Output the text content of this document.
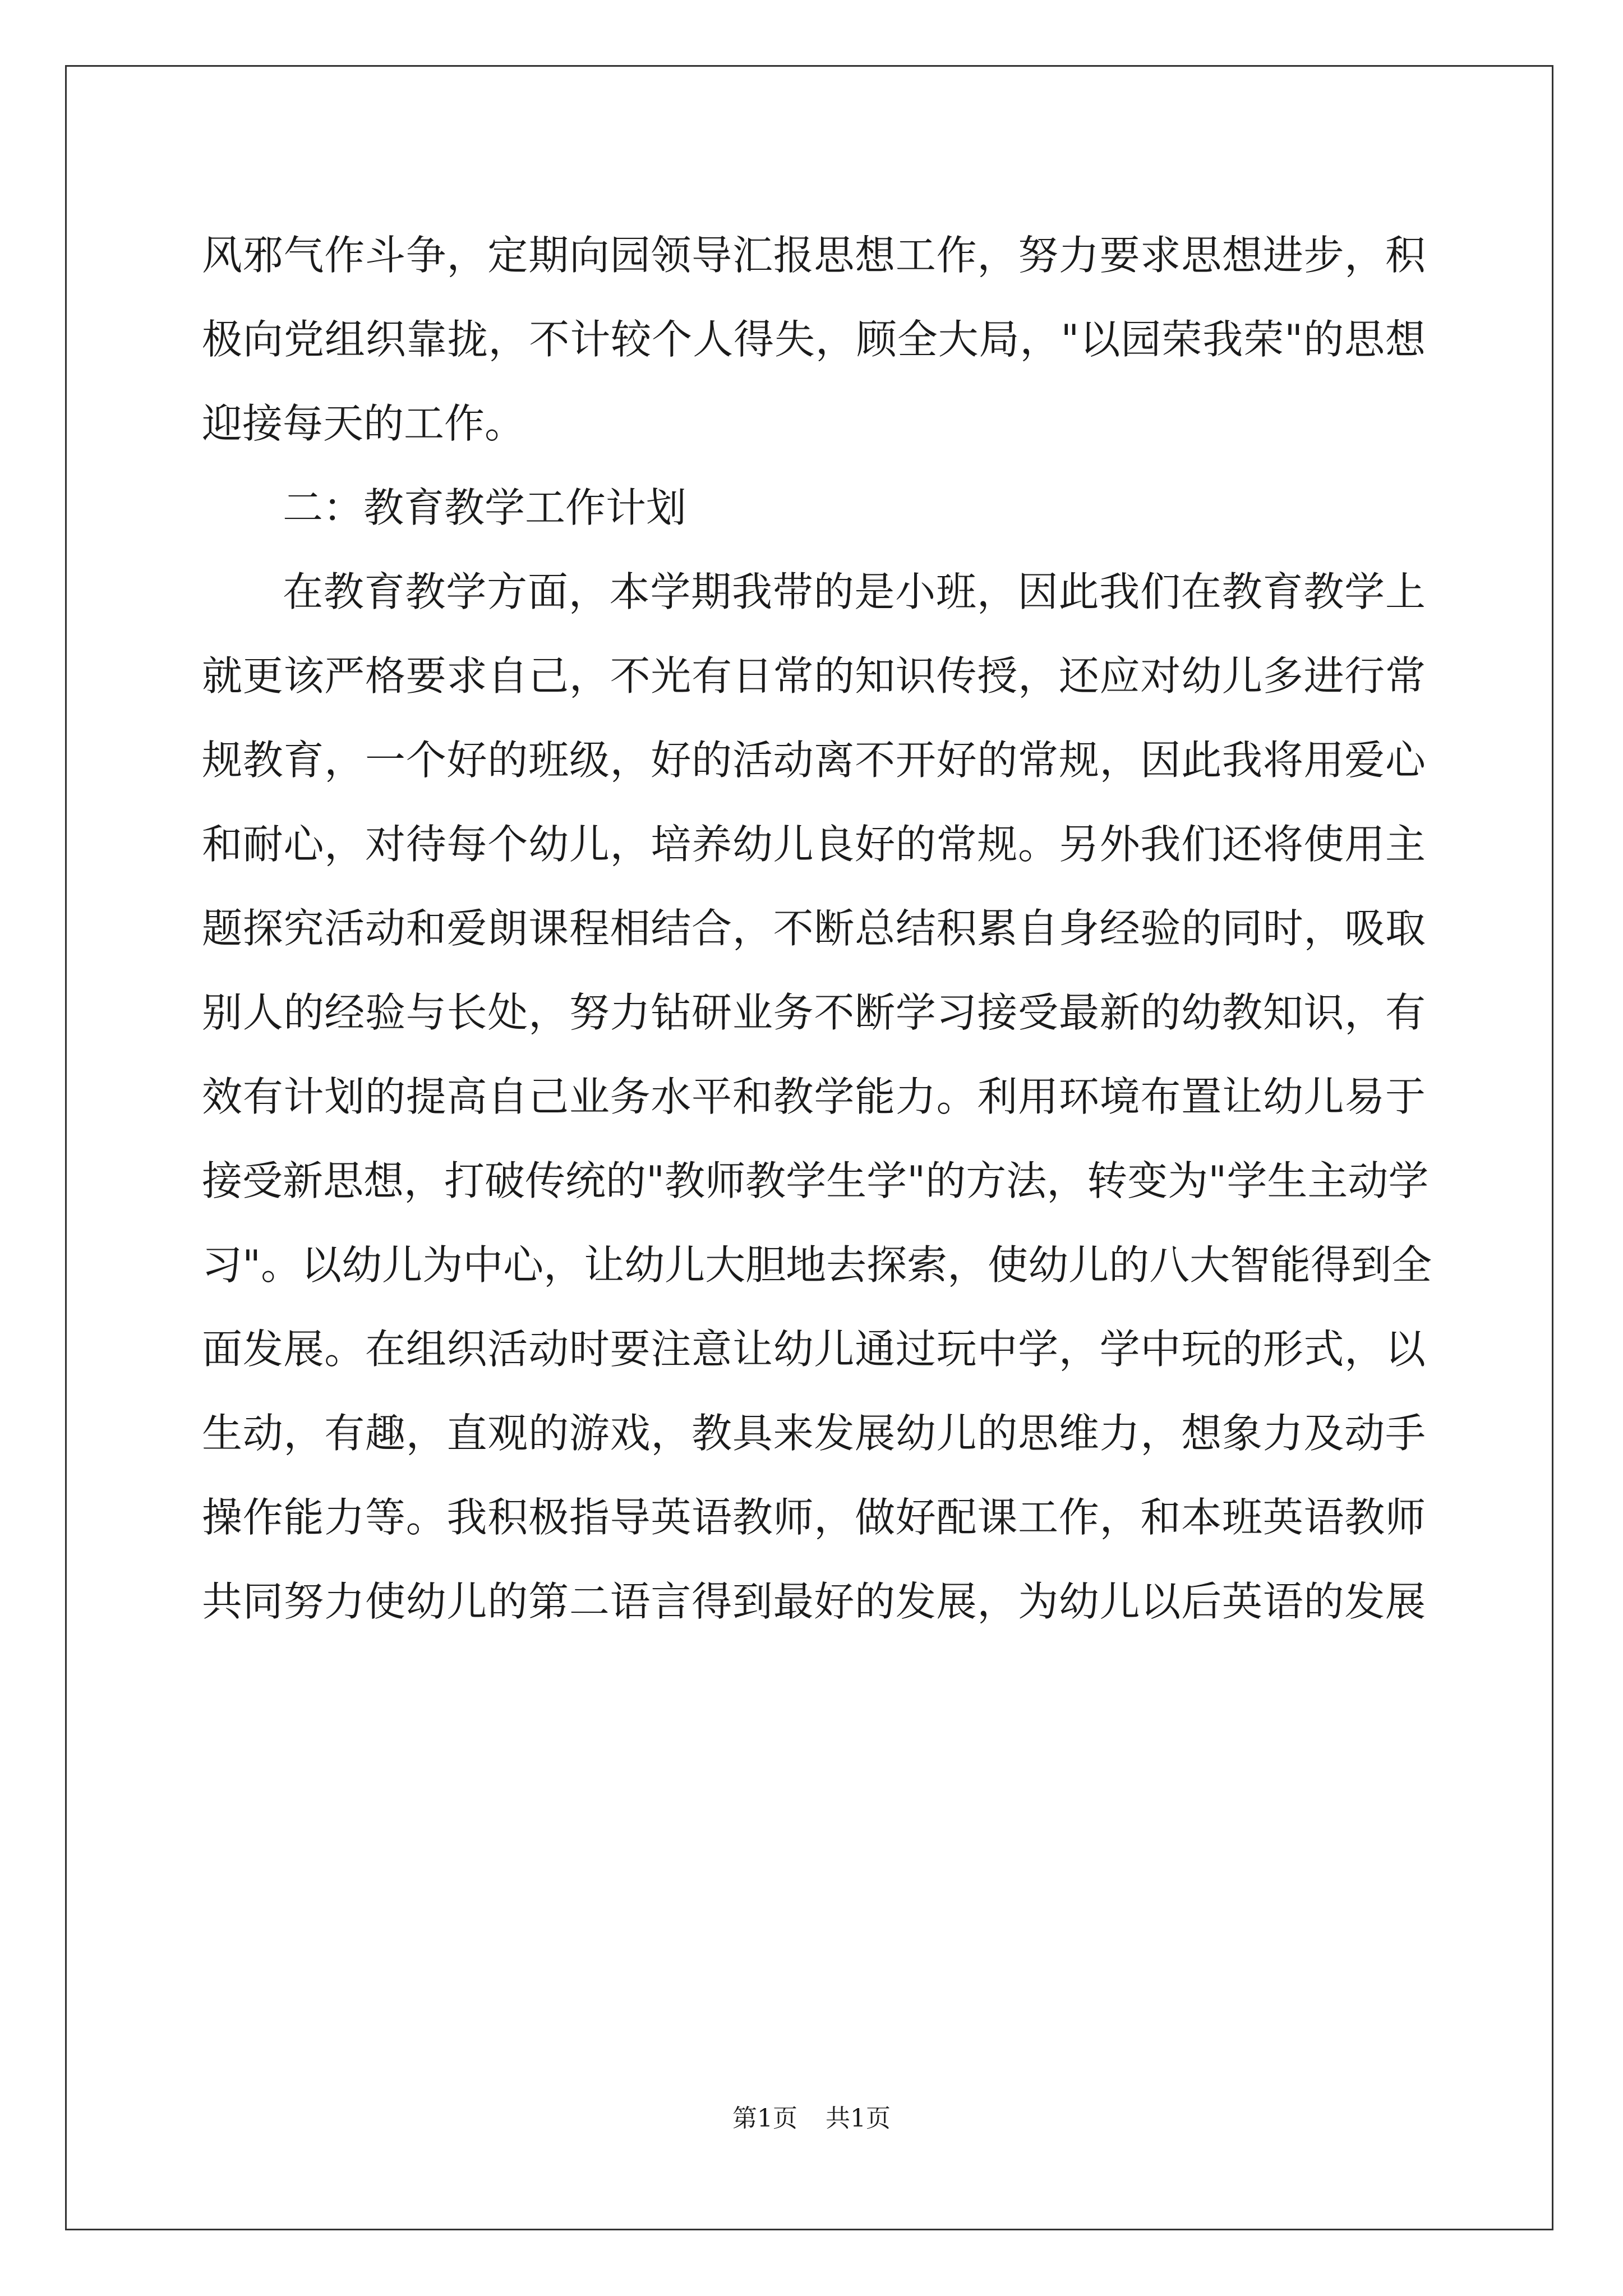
风邪气作斗争，定期向园领导汇报思想工作，努力要求思想进步，积
极向党组织靠拢，不计较个人得失，顾全大局，"以园荣我荣"的思想
迎接每天的工作。
二：教育教学工作计划
在教育教学方面，本学期我带的是小班，因此我们在教育教学上
就更该严格要求自己，不光有日常的知识传授，还应对幼儿多进行常
规教育，一个好的班级，好的活动离不开好的常规，因此我将用爱心
和耐心，对待每个幼儿，培养幼儿良好的常规。另外我们还将使用主
题探究活动和爱朗课程相结合，不断总结积累自身经验的同时，吸取
别人的经验与长处，努力钻研业务不断学习接受最新的幼教知识，有
效有计划的提高自己业务水平和教学能力。利用环境布置让幼儿易于
接受新思想，打破传统的"教师教学生学"的方法，转变为"学生主动学
习"。以幼儿为中心，让幼儿大胆地去探索，使幼儿的八大智能得到全
面发展。在组织活动时要注意让幼儿通过玩中学，学中玩的形式，以
生动，有趣，直观的游戏，教具来发展幼儿的思维力，想象力及动手
操作能力等。我积极指导英语教师，做好配课工作，和本班英语教师
共同努力使幼儿的第二语言得到最好的发展，为幼儿以后英语的发展
第1页 共1页
